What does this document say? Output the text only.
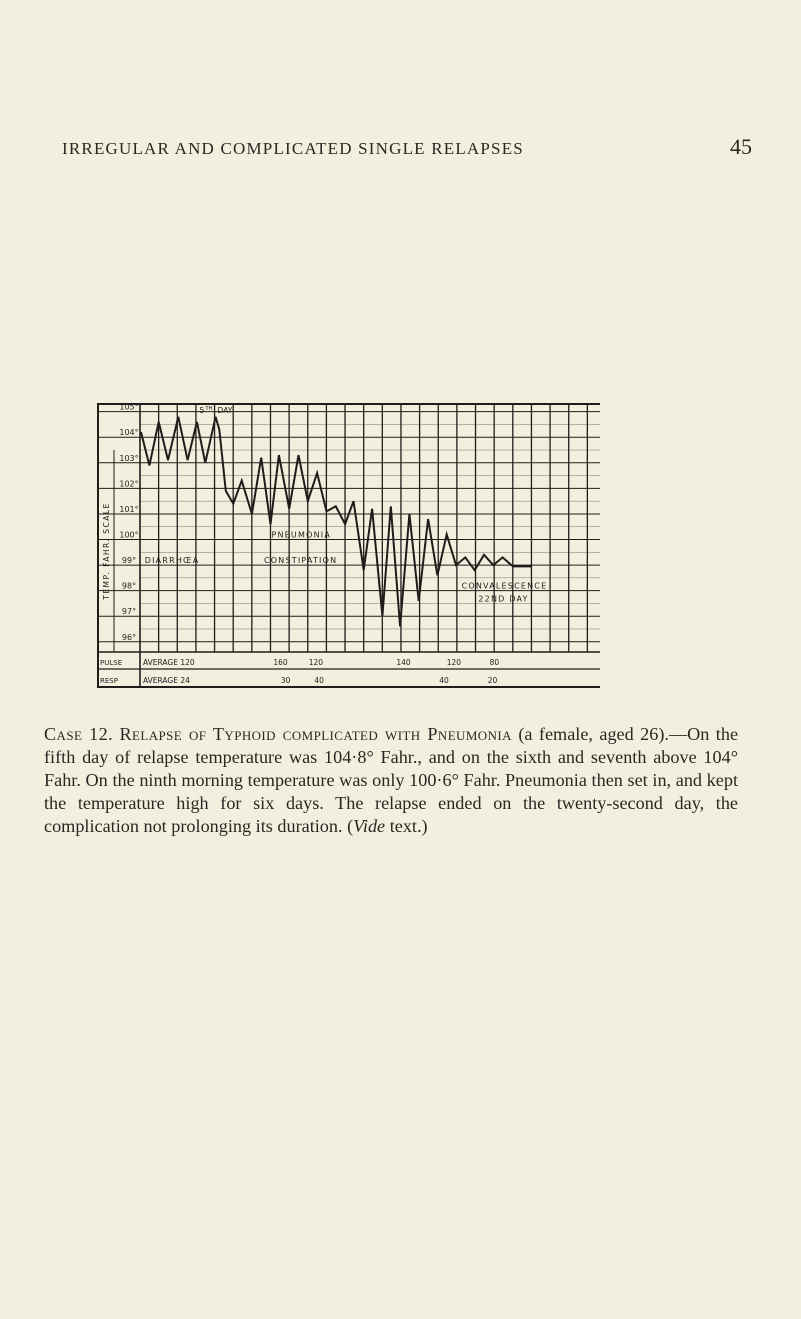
IRREGULAR AND COMPLICATED SINGLE RELAPSES	45
105°
104°
103°
102°
101°
100°
99°
98°
97°
96°
TEMP. FAHR. SCALE
5 TH DAY
PNEUMONIA
DIARRHŒA	CONSTIPATION
CONVALESCENCE
22ND DAY
PULSE	AVERAGE 120	160	120	140	120	80
RESP	AVERAGE 24	30	40	40	20

Case 12. Relapse of Typhoid complicated with Pneumonia (a female, aged 26).—On the fifth day of relapse temperature was 104·8° Fahr., and on the sixth and seventh above 104° Fahr. On the ninth morning temperature was only 100·6° Fahr. Pneumonia then set in, and kept the temperature high for six days. The relapse ended on the twenty-second day, the complication not prolonging its duration. (Vide text.)
